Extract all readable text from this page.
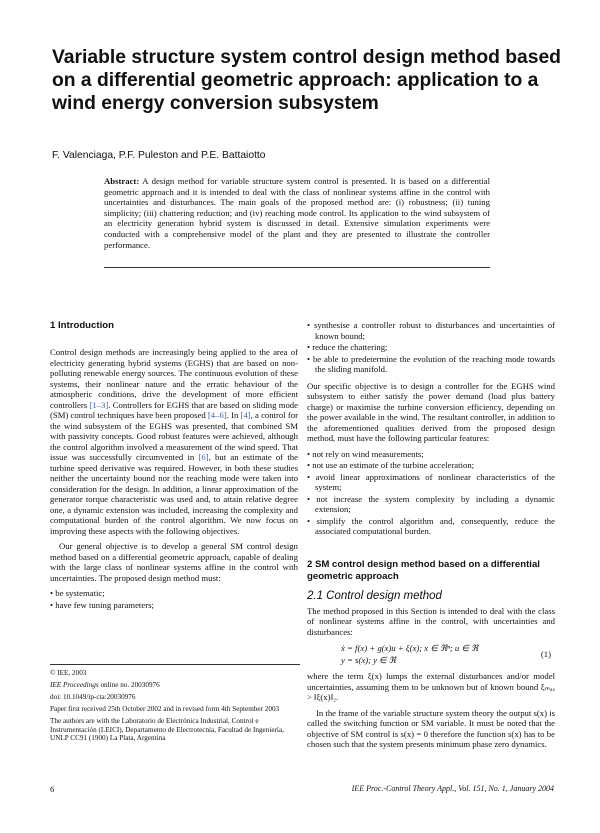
Variable structure system control design method based on a differential geometric approach: application to a wind energy conversion subsystem
F. Valenciaga, P.F. Puleston and P.E. Battaiotto
Abstract: A design method for variable structure system control is presented. It is based on a differential geometric approach and it is intended to deal with the class of nonlinear systems affine in the control with uncertainties and disturbances. The main goals of the proposed method are: (i) robustness; (ii) tuning simplicity; (iii) chattering reduction; and (iv) reaching mode control. Its application to the wind subsystem of an electricity generation hybrid system is discussed in detail. Extensive simulation experiments were conducted with a comprehensive model of the plant and they are presented to illustrate the controller performance.
1 Introduction

Control design methods are increasingly being applied to the area of electricity generating hybrid systems (EGHS) that are based on non-polluting renewable energy sources. The continuous evolution of these systems, their nonlinear nature and the erratic behaviour of the atmospheric conditions, drive the development of more efficient controllers [1–3]. Controllers for EGHS that are based on sliding mode (SM) control techniques have been proposed [4–6]. In [4], a control for the wind subsystem of the EGHS was presented, that combined SM with passivity concepts. Good robust features were achieved, although the control algorithm involved a measurement of the wind speed. That issue was successfully circumvented in [6], but an estimate of the turbine speed derivative was required. However, in both these studies neither the uncertainty bound nor the reaching mode were taken into consideration for the design. In addition, a linear approximation of the generator torque characteristic was used and, to attain relative degree one, a dynamic extension was included, increasing the complexity and computational burden of the control algorithm. We now focus on improving these aspects with the following objectives.

Our general objective is to develop a general SM control design method based on a differential geometric approach, capable of dealing with the large class of nonlinear systems affine in the control with uncertainties. The proposed design method must:

• be systematic;
• have few tuning parameters;
• synthesise a controller robust to disturbances and uncertainties of known bound;
• reduce the chattering;
• be able to predetermine the evolution of the reaching mode towards the sliding manifold.

Our specific objective is to design a controller for the EGHS wind subsystem to either satisfy the power demand (load plus battery charge) or maximise the turbine conversion efficiency, depending on the power available in the wind. The resultant controller, in addition to the aforementioned qualities derived from the proposed design method, must have the following particular features:

• not rely on wind measurements;
• not use an estimate of the turbine acceleration;
• avoid linear approximations of nonlinear characteristics of the system;
• not increase the system complexity by including a dynamic extension;
• simplify the control algorithm and, consequently, reduce the associated computational burden.
2 SM control design method based on a differential geometric approach
2.1 Control design method

The method proposed in this Section is intended to deal with the class of nonlinear systems affine in the control, with uncertainties and disturbances:

ẋ = f(x) + g(x)u + ξ(x); x ∈ ℜⁿ; u ∈ ℜ
y = s(x); y ∈ ℜ
(1)

where the term ξ(x) lumps the external disturbances and/or model uncertainties, assuming them to be unknown but of known bound ξₘₐₓ > ‖ξ(x)‖₂.

In the frame of the variable structure system theory the output s(x) is called the switching function or SM variable. It must be noted that the objective of SM control is s(x) = 0 therefore the function s(x) has to be chosen such that the system presents minimum phase zero dynamics.

© IEE, 2003
IEE Proceedings online no. 20030976
doi: 10.1049/ip-cta:20030976
Paper first received 25th October 2002 and in revised form 4th September 2003
The authors are with the Laboratorio de Electrónica Industrial, Control e Instrumentación (LEICI), Departamento de Electrotecnia, Facultad de Ingeniería, UNLP CC91 (1900) La Plata, Argentina
6	IEE Proc.-Control Theory Appl., Vol. 151, No. 1, January 2004
